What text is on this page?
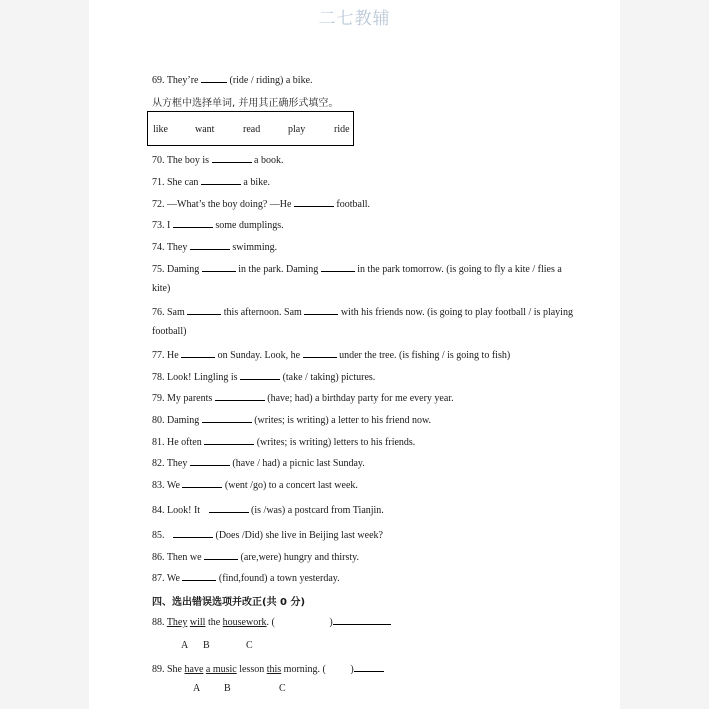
二七教辅
69. They’re	(ride / riding) a bike.
从方框中选择单词, 并用其正确形式填空。
like	want	read	play	ride
70. The boy is	a book.
71. She can	a bike.
72. —What’s the boy doing? —He	football.
73. I	some dumplings.
74. They	swimming.
75. Daming	in the park. Daming	in the park tomorrow. (is going to fly a kite / flies a
kite)
76. Sam	this afternoon. Sam	with his friends now. (is going to play football / is playing
football)
77. He	on Sunday. Look, he	under the tree. (is fishing / is going to fish)
78. Look! Lingling is	(take / taking) pictures.
79. My parents	(have; had) a birthday party for me every year.
80. Daming	(writes; is writing) a letter to his friend now.
81. He often	(writes; is writing) letters to his friends.
82. They	(have / had) a picnic last Sunday.
83. We	(went /go) to a concert last week.
84. Look! It	(is /was) a postcard from Tianjin.
85.	(Does /Did) she live in Beijing last week?
86. Then we	(are,were) hungry and thirsty.
87. We	(find,found) a town yesterday.
四、选出错误选项并改正(共 0 分)
88. They will the housework. (	)
A B	C
89. She have a music lesson this morning. ( )
A B	C
